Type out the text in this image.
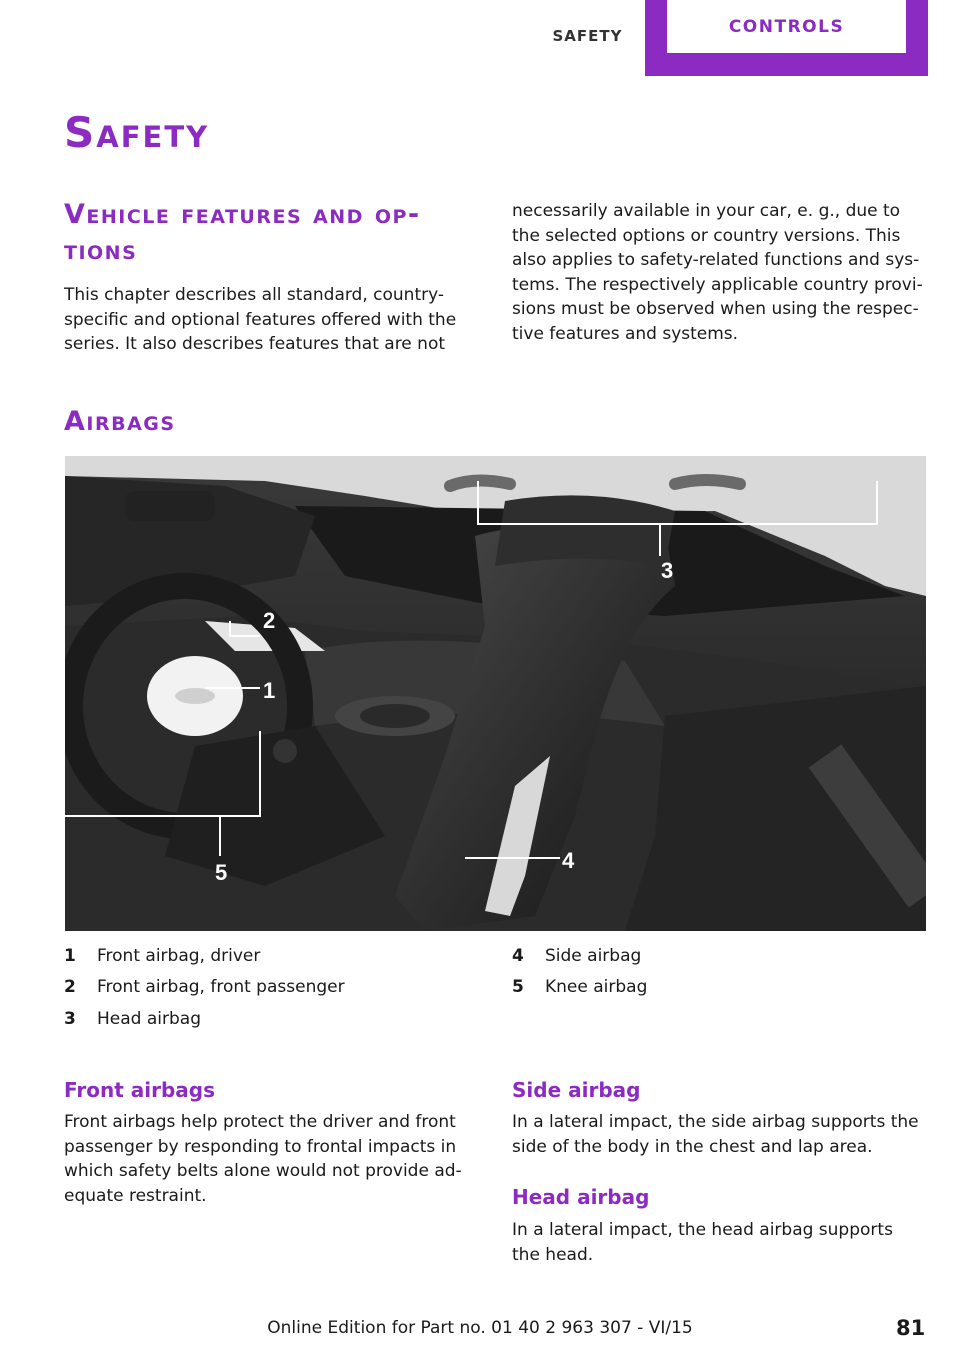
SAFETY	CONTROLS
Safety
Vehicle features and op‐
tions
This chapter describes all standard, country-specific and optional features offered with the series. It also describes features that are not
necessarily available in your car, e. g., due to the selected options or country versions. This also applies to safety-related functions and sys‐tems. The respectively applicable country provi‐sions must be observed when using the respec‐tive features and systems.
Airbags
2
1
3
4
5
1 Front airbag, driver
2 Front airbag, front passenger
3 Head airbag
4 Side airbag
5 Knee airbag
Front airbags
Front airbags help protect the driver and front passenger by responding to frontal impacts in which safety belts alone would not provide ad‐equate restraint.
Side airbag
In a lateral impact, the side airbag supports the side of the body in the chest and lap area.
Head airbag
In a lateral impact, the head airbag supports the head.
Online Edition for Part no. 01 40 2 963 307 - VI/15	81
